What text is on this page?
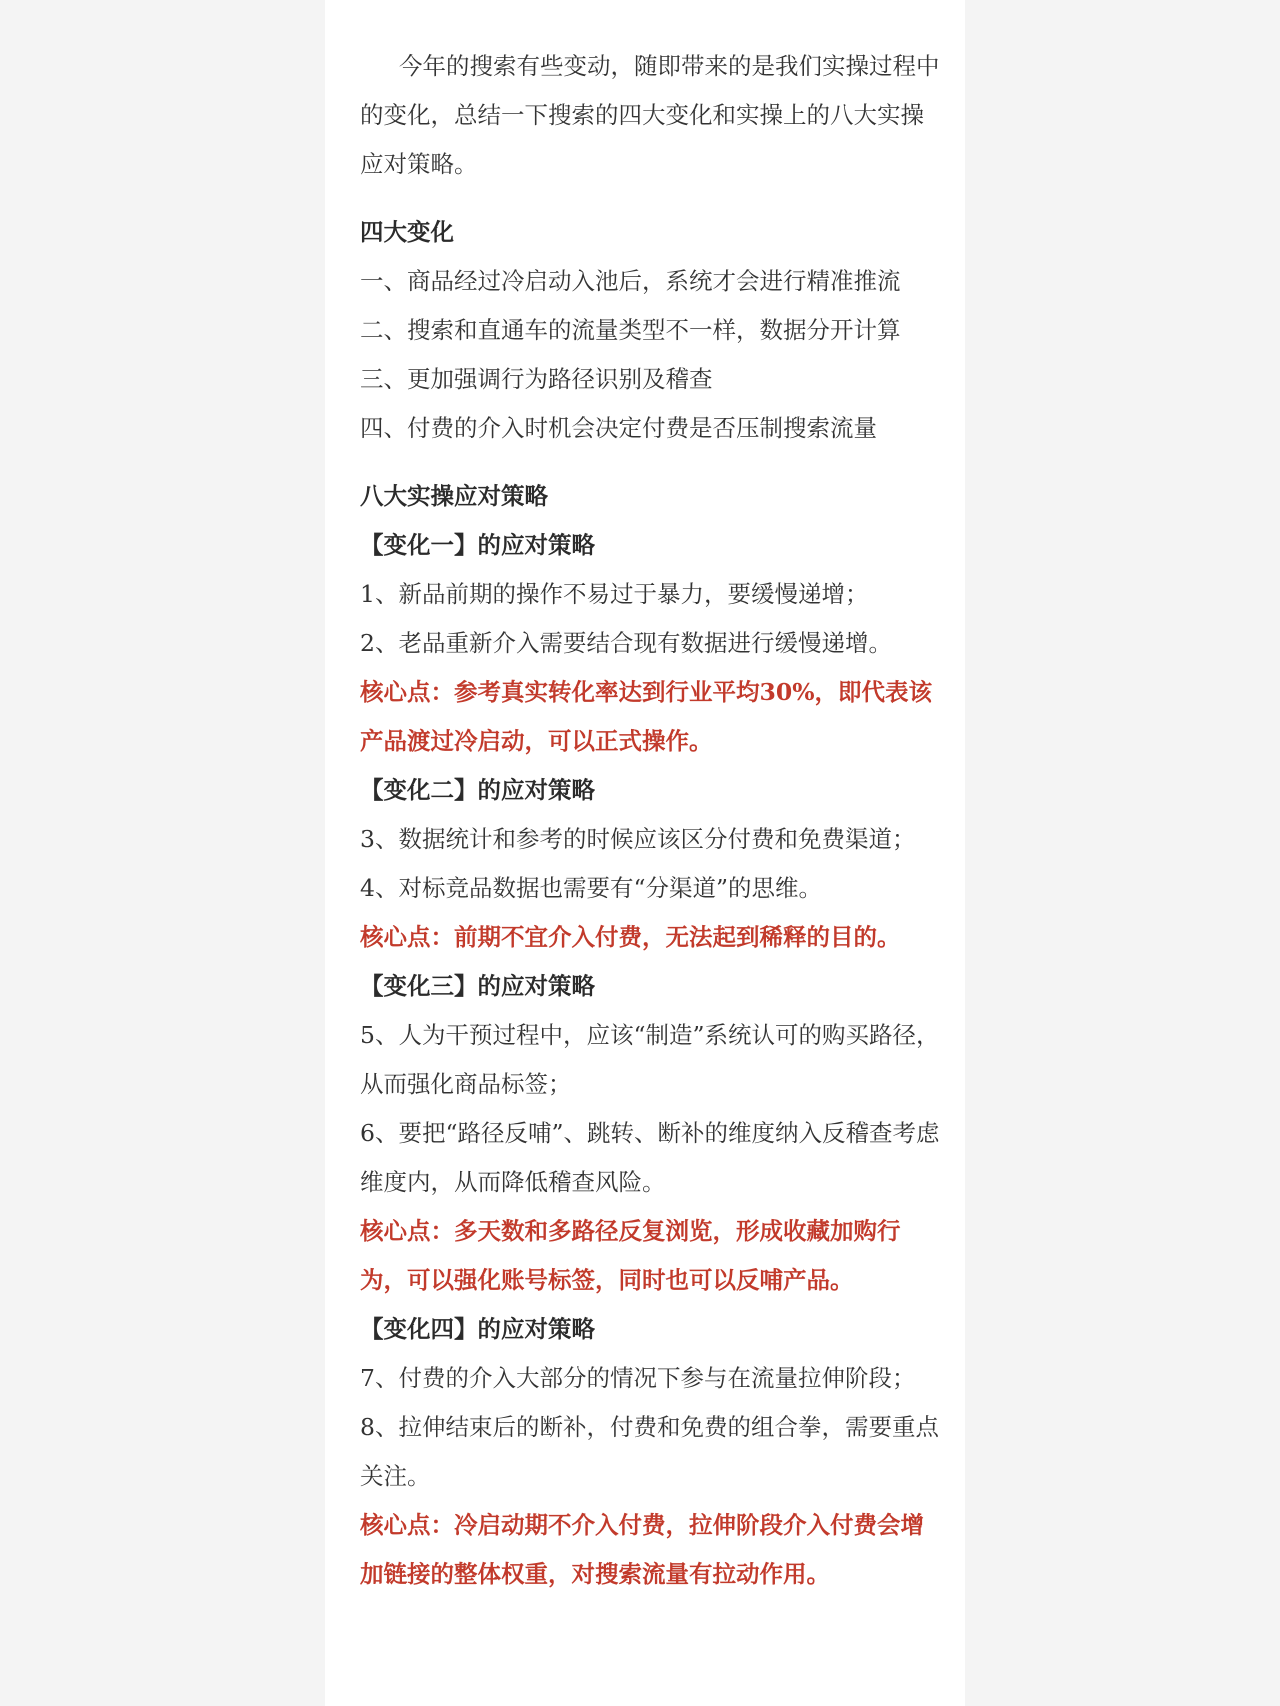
今年的搜索有些变动，随即带来的是我们实操过程中的变化，总结一下搜索的四大变化和实操上的八大实操应对策略。

四大变化

一、商品经过冷启动入池后，系统才会进行精准推流

二、搜索和直通车的流量类型不一样，数据分开计算

三、更加强调行为路径识别及稽查

四、付费的介入时机会决定付费是否压制搜索流量

八大实操应对策略

【变化一】的应对策略

1、新品前期的操作不易过于暴力，要缓慢递增；

2、老品重新介入需要结合现有数据进行缓慢递增。

核心点：参考真实转化率达到行业平均30%，即代表该产品渡过冷启动，可以正式操作。

【变化二】的应对策略

3、数据统计和参考的时候应该区分付费和免费渠道；

4、对标竞品数据也需要有“分渠道”的思维。

核心点：前期不宜介入付费，无法起到稀释的目的。

【变化三】的应对策略

5、人为干预过程中，应该“制造”系统认可的购买路径，从而强化商品标签；

6、要把“路径反哺”、跳转、断补的维度纳入反稽查考虑维度内，从而降低稽查风险。

核心点：多天数和多路径反复浏览，形成收藏加购行为，可以强化账号标签，同时也可以反哺产品。

【变化四】的应对策略

7、付费的介入大部分的情况下参与在流量拉伸阶段；

8、拉伸结束后的断补，付费和免费的组合拳，需要重点关注。

核心点：冷启动期不介入付费，拉伸阶段介入付费会增加链接的整体权重，对搜索流量有拉动作用。
